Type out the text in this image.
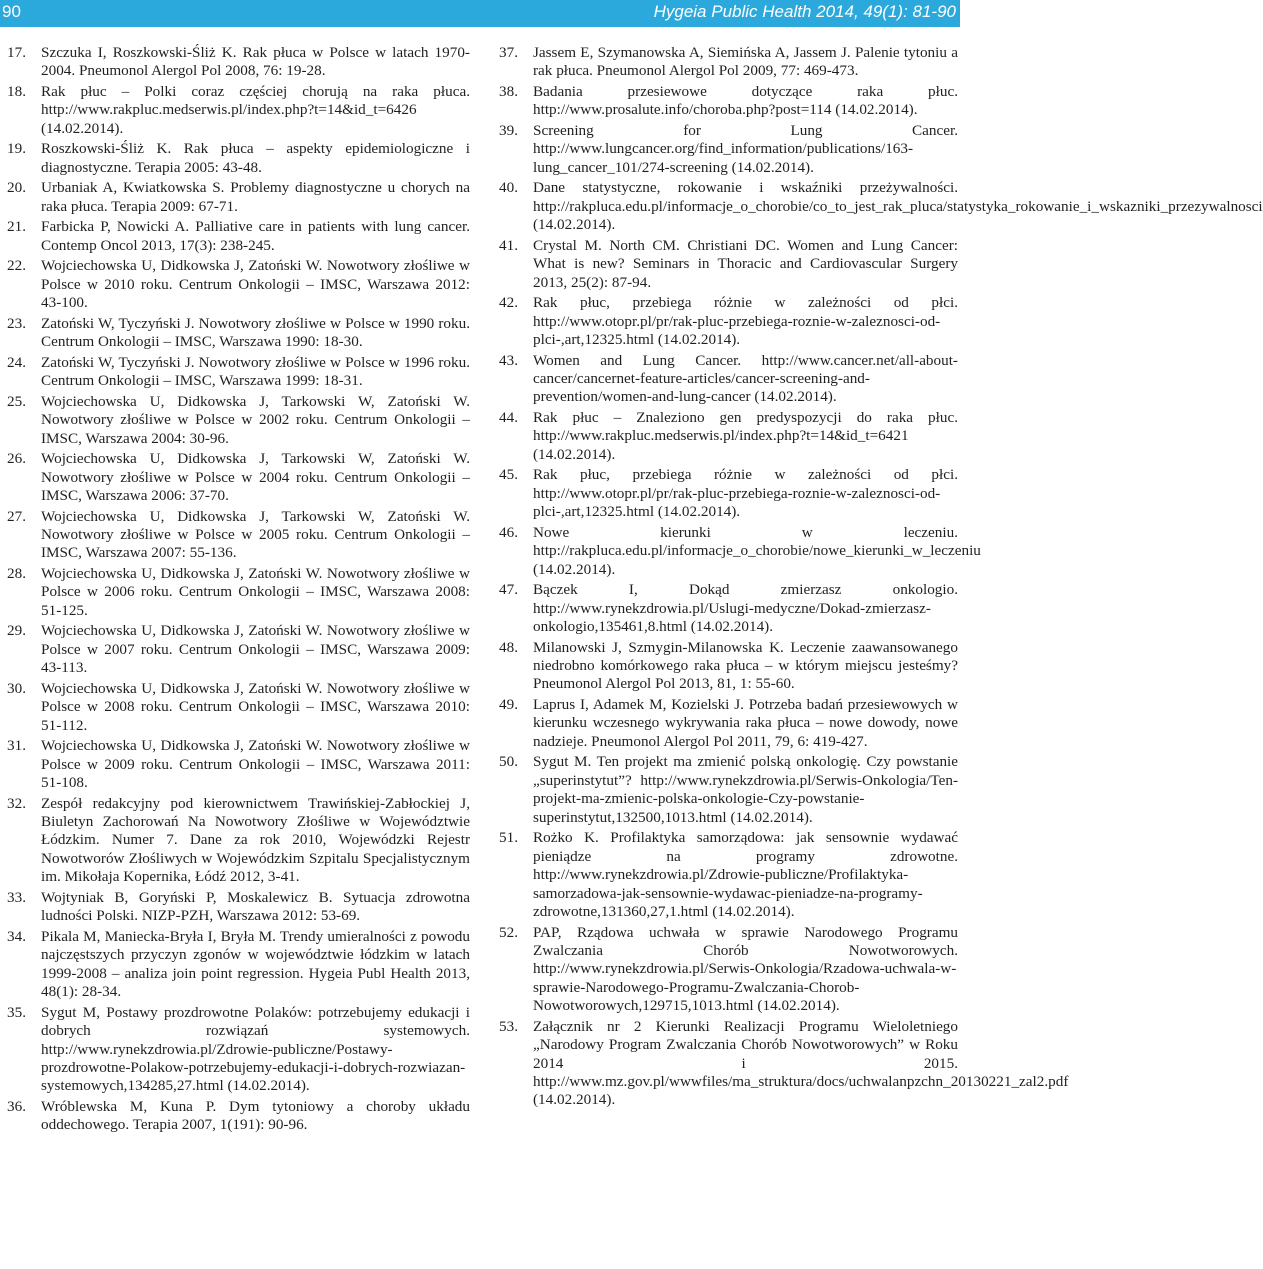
90	Hygeia Public Health 2014, 49(1): 81-90
17. Szczuka I, Roszkowski-Śliż K. Rak płuca w Polsce w latach 1970-2004. Pneumonol Alergol Pol 2008, 76: 19-28.
18. Rak płuc – Polki coraz częściej chorują na raka płuca. http://www.rakpluc.medserwis.pl/index.php?t=14&id_t=6426 (14.02.2014).
19. Roszkowski-Śliż K. Rak płuca – aspekty epidemiologiczne i diagnostyczne. Terapia 2005: 43-48.
20. Urbaniak A, Kwiatkowska S. Problemy diagnostyczne u chorych na raka płuca. Terapia 2009: 67-71.
21. Farbicka P, Nowicki A. Palliative care in patients with lung cancer. Contemp Oncol 2013, 17(3): 238-245.
22. Wojciechowska U, Didkowska J, Zatoński W. Nowotwory złośliwe w Polsce w 2010 roku. Centrum Onkologii – IMSC, Warszawa 2012: 43-100.
23. Zatoński W, Tyczyński J. Nowotwory złośliwe w Polsce w 1990 roku. Centrum Onkologii – IMSC, Warszawa 1990: 18-30.
24. Zatoński W, Tyczyński J. Nowotwory złośliwe w Polsce w 1996 roku. Centrum Onkologii – IMSC, Warszawa 1999: 18-31.
25. Wojciechowska U, Didkowska J, Tarkowski W, Zatoński W. Nowotwory złośliwe w Polsce w 2002 roku. Centrum Onkologii – IMSC, Warszawa 2004: 30-96.
26. Wojciechowska U, Didkowska J, Tarkowski W, Zatoński W. Nowotwory złośliwe w Polsce w 2004 roku. Centrum Onkologii – IMSC, Warszawa 2006: 37-70.
27. Wojciechowska U, Didkowska J, Tarkowski W, Zatoński W. Nowotwory złośliwe w Polsce w 2005 roku. Centrum Onkologii – IMSC, Warszawa 2007: 55-136.
28. Wojciechowska U, Didkowska J, Zatoński W. Nowotwory złośliwe w Polsce w 2006 roku. Centrum Onkologii – IMSC, Warszawa 2008: 51-125.
29. Wojciechowska U, Didkowska J, Zatoński W. Nowotwory złośliwe w Polsce w 2007 roku. Centrum Onkologii – IMSC, Warszawa 2009: 43-113.
30. Wojciechowska U, Didkowska J, Zatoński W. Nowotwory złośliwe w Polsce w 2008 roku. Centrum Onkologii – IMSC, Warszawa 2010: 51-112.
31. Wojciechowska U, Didkowska J, Zatoński W. Nowotwory złośliwe w Polsce w 2009 roku. Centrum Onkologii – IMSC, Warszawa 2011: 51-108.
32. Zespół redakcyjny pod kierownictwem Trawińskiej-Zabłockiej J, Biuletyn Zachorowań Na Nowotwory Złośliwe w Województwie Łódzkim. Numer 7. Dane za rok 2010, Wojewódzki Rejestr Nowotworów Złośliwych w Wojewódzkim Szpitalu Specjalistycznym im. Mikołaja Kopernika, Łódź 2012, 3-41.
33. Wojtyniak B, Goryński P, Moskalewicz B. Sytuacja zdrowotna ludności Polski. NIZP-PZH, Warszawa 2012: 53-69.
34. Pikala M, Maniecka-Bryła I, Bryła M. Trendy umieralności z powodu najczęstszych przyczyn zgonów w województwie łódzkim w latach 1999-2008 – analiza join point regression. Hygeia Publ Health 2013, 48(1): 28-34.
35. Sygut M, Postawy prozdrowotne Polaków: potrzebujemy edukacji i dobrych rozwiązań systemowych. http://www.rynekzdrowia.pl/Zdrowie-publiczne/Postawy-prozdrowotne-Polakow-potrzebujemy-edukacji-i-dobrych-rozwiazan-systemowych,134285,27.html (14.02.2014).
36. Wróblewska M, Kuna P. Dym tytoniowy a choroby układu oddechowego. Terapia 2007, 1(191): 90-96.
37. Jassem E, Szymanowska A, Siemińska A, Jassem J. Palenie tytoniu a rak płuca. Pneumonol Alergol Pol 2009, 77: 469-473.
38. Badania przesiewowe dotyczące raka płuc. http://www.prosalute.info/choroba.php?post=114 (14.02.2014).
39. Screening for Lung Cancer. http://www.lungcancer.org/find_information/publications/163-lung_cancer_101/274-screening (14.02.2014).
40. Dane statystyczne, rokowanie i wskaźniki przeżywalności. http://rakpluca.edu.pl/informacje_o_chorobie/co_to_jest_rak_pluca/statystyka_rokowanie_i_wskazniki_przezywalnosci (14.02.2014).
41. Crystal M. North CM. Christiani DC. Women and Lung Cancer: What is new? Seminars in Thoracic and Cardiovascular Surgery 2013, 25(2): 87-94.
42. Rak płuc, przebiega różnie w zależności od płci. http://www.otopr.pl/pr/rak-pluc-przebiega-roznie-w-zaleznosci-od-plci-,art,12325.html (14.02.2014).
43. Women and Lung Cancer. http://www.cancer.net/all-about-cancer/cancernet-feature-articles/cancer-screening-and-prevention/women-and-lung-cancer (14.02.2014).
44. Rak płuc – Znaleziono gen predyspozycji do raka płuc. http://www.rakpluc.medserwis.pl/index.php?t=14&id_t=6421 (14.02.2014).
45. Rak płuc, przebiega różnie w zależności od płci. http://www.otopr.pl/pr/rak-pluc-przebiega-roznie-w-zaleznosci-od-plci-,art,12325.html (14.02.2014).
46. Nowe kierunki w leczeniu. http://rakpluca.edu.pl/informacje_o_chorobie/nowe_kierunki_w_leczeniu (14.02.2014).
47. Bączek I, Dokąd zmierzasz onkologio. http://www.rynekzdrowia.pl/Uslugi-medyczne/Dokad-zmierzasz-onkologio,135461,8.html (14.02.2014).
48. Milanowski J, Szmygin-Milanowska K. Leczenie zaawansowanego niedrobno komórkowego raka płuca – w którym miejscu jesteśmy? Pneumonol Alergol Pol 2013, 81, 1: 55-60.
49. Laprus I, Adamek M, Kozielski J. Potrzeba badań przesiewowych w kierunku wczesnego wykrywania raka płuca – nowe dowody, nowe nadzieje. Pneumonol Alergol Pol 2011, 79, 6: 419-427.
50. Sygut M. Ten projekt ma zmienić polską onkologię. Czy powstanie „superinstytut”? http://www.rynekzdrowia.pl/Serwis-Onkologia/Ten-projekt-ma-zmienic-polska-onkologie-Czy-powstanie-superinstytut,132500,1013.html (14.02.2014).
51. Rożko K. Profilaktyka samorządowa: jak sensownie wydawać pieniądze na programy zdrowotne. http://www.rynekzdrowia.pl/Zdrowie-publiczne/Profilaktyka-samorzadowa-jak-sensownie-wydawac-pieniadze-na-programy-zdrowotne,131360,27,1.html (14.02.2014).
52. PAP, Rządowa uchwała w sprawie Narodowego Programu Zwalczania Chorób Nowotworowych. http://www.rynekzdrowia.pl/Serwis-Onkologia/Rzadowa-uchwala-w-sprawie-Narodowego-Programu-Zwalczania-Chorob-Nowotworowych,129715,1013.html (14.02.2014).
53. Załącznik nr 2 Kierunki Realizacji Programu Wieloletniego „Narodowy Program Zwalczania Chorób Nowotworowych” w Roku 2014 i 2015. http://www.mz.gov.pl/wwwfiles/ma_struktura/docs/uchwalanpzchn_20130221_zal2.pdf (14.02.2014).
